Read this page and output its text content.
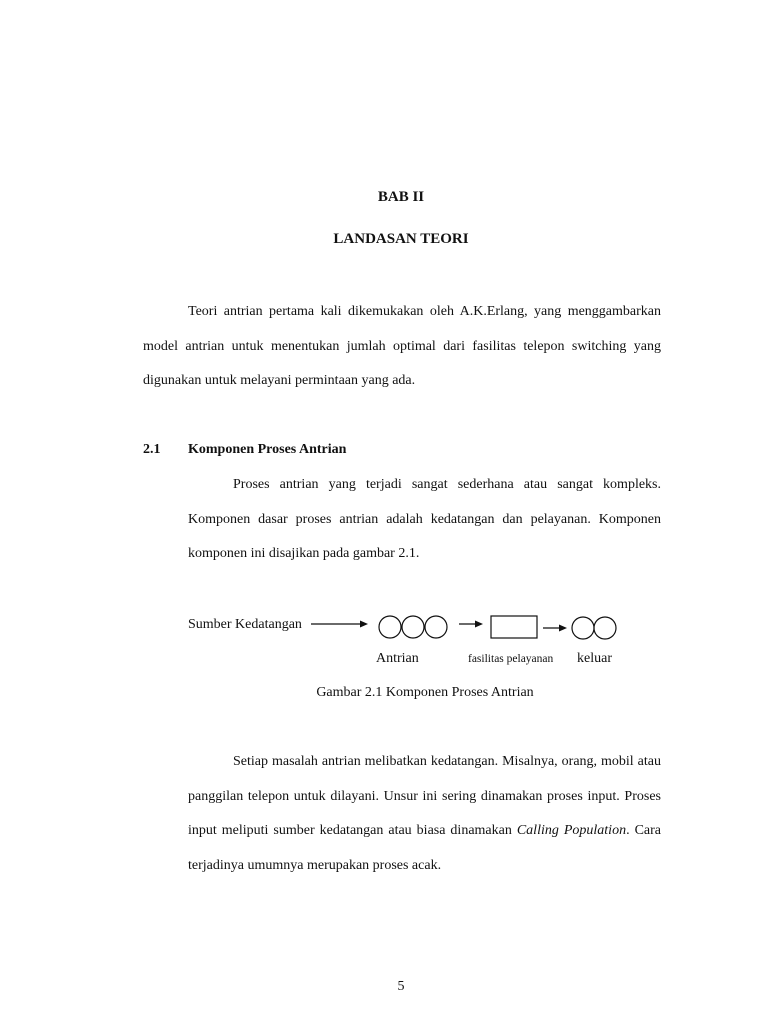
BAB II
LANDASAN TEORI
Teori antrian pertama kali dikemukakan oleh A.K.Erlang, yang menggambarkan model antrian untuk menentukan jumlah optimal dari fasilitas telepon switching yang digunakan untuk melayani permintaan yang ada.
2.1 Komponen Proses Antrian
Proses antrian yang terjadi sangat sederhana atau sangat kompleks. Komponen dasar proses antrian adalah kedatangan dan pelayanan. Komponen komponen ini disajikan pada gambar 2.1.
Sumber Kedatangan
Antrian	fasilitas pelayanan keluar
Gambar 2.1 Komponen Proses Antrian
Setiap masalah antrian melibatkan kedatangan. Misalnya, orang, mobil atau panggilan telepon untuk dilayani. Unsur ini sering dinamakan proses input. Proses input meliputi sumber kedatangan atau biasa dinamakan Calling Population. Cara terjadinya umumnya merupakan proses acak.
5
